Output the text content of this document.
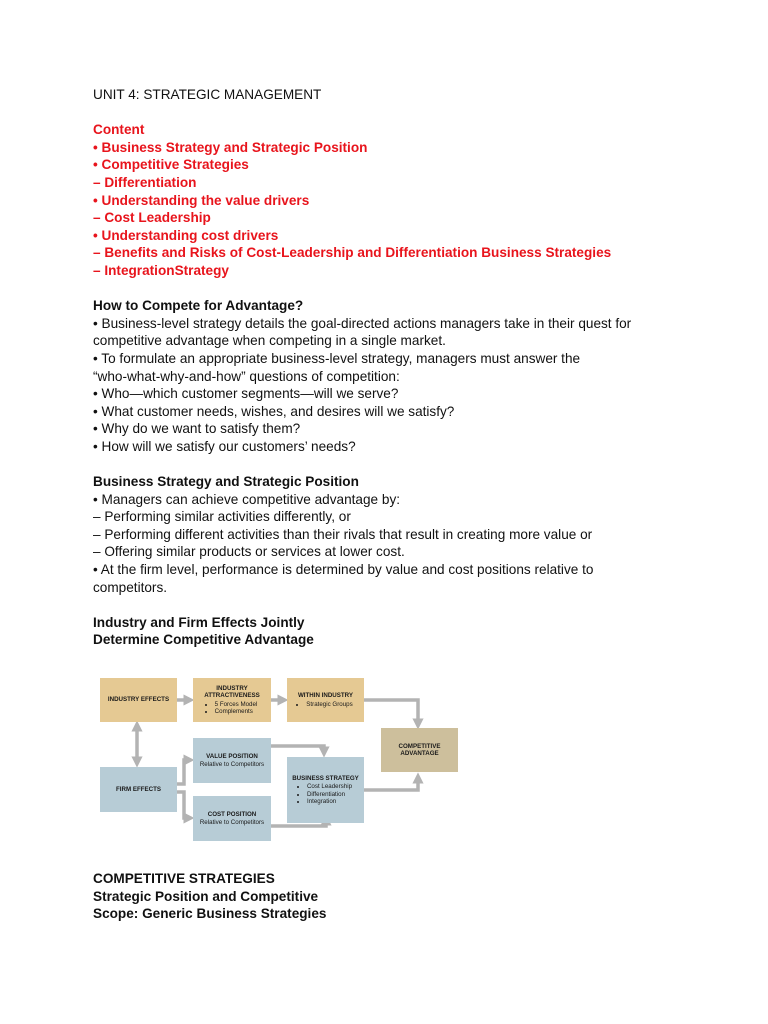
UNIT 4: STRATEGIC MANAGEMENT
Content
• Business Strategy and Strategic Position
• Competitive Strategies
– Differentiation
• Understanding the value drivers
– Cost Leadership
• Understanding cost drivers
– Benefits and Risks of Cost-Leadership and Differentiation Business Strategies
– IntegrationStrategy
How to Compete for Advantage?
• Business-level strategy details the goal-directed actions managers take in their quest for
competitive advantage when competing in a single market.
• To formulate an appropriate business-level strategy, managers must answer the
“who-what-why-and-how” questions of competition:
• Who—which customer segments—will we serve?
• What customer needs, wishes, and desires will we satisfy?
• Why do we want to satisfy them?
• How will we satisfy our customers’ needs?
Business Strategy and Strategic Position
• Managers can achieve competitive advantage by:
– Performing similar activities differently, or
– Performing different activities than their rivals that result in creating more value or
– Offering similar products or services at lower cost.
• At the firm level, performance is determined by value and cost positions relative to
competitors.
Industry and Firm Effects Jointly
Determine Competitive Advantage
INDUSTRY EFFECTS
INDUSTRY ATTRACTIVENESS
• 5 Forces Model
• Complements
WITHIN INDUSTRY
• Strategic Groups
COMPETITIVE ADVANTAGE
FIRM EFFECTS
VALUE POSITION
Relative to Competitors
COST POSITION
Relative to Competitors
BUSINESS STRATEGY
• Cost Leadership
• Differentiation
• Integration
COMPETITIVE STRATEGIES
Strategic Position and Competitive
Scope: Generic Business Strategies
